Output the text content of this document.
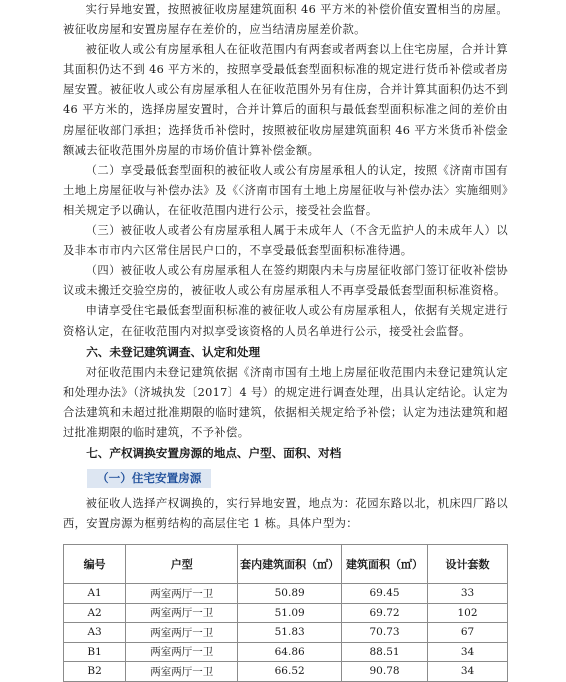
实行异地安置，按照被征收房屋建筑面积 46 平方米的补偿价值安置相当的房屋。被征收房屋和安置房屋存在差价的，应当结清房屋差价款。

被征收人或公有房屋承租人在征收范围内有两套或者两套以上住宅房屋，合并计算其面积仍达不到 46 平方米的，按照享受最低套型面积标准的规定进行货币补偿或者房屋安置。被征收人或公有房屋承租人在征收范围外另有住房，合并计算其面积仍达不到 46 平方米的，选择房屋安置时，合并计算后的面积与最低套型面积标准之间的差价由房屋征收部门承担；选择货币补偿时，按照被征收房屋建筑面积 46 平方米货币补偿金额减去征收范围外房屋的市场价值计算补偿金额。

（二）享受最低套型面积的被征收人或公有房屋承租人的认定，按照《济南市国有土地上房屋征收与补偿办法》及《〈济南市国有土地上房屋征收与补偿办法〉实施细则》相关规定予以确认，在征收范围内进行公示，接受社会监督。

（三）被征收人或者公有房屋承租人属于未成年人（不含无监护人的未成年人）以及非本市市内六区常住居民户口的，不享受最低套型面积标准待遇。

（四）被征收人或公有房屋承租人在签约期限内未与房屋征收部门签订征收补偿协议或未搬迁交验空房的，被征收人或公有房屋承租人不再享受最低套型面积标准资格。

申请享受住宅最低套型面积标准的被征收人或公有房屋承租人，依据有关规定进行资格认定，在征收范围内对拟享受该资格的人员名单进行公示，接受社会监督。

六、未登记建筑调查、认定和处理

对征收范围内未登记建筑依据《济南市国有土地上房屋征收范围内未登记建筑认定和处理办法》（济城执发〔2017〕4 号）的规定进行调查处理，出具认定结论。认定为合法建筑和未超过批准期限的临时建筑，依据相关规定给予补偿；认定为违法建筑和超过批准期限的临时建筑，不予补偿。

七、产权调换安置房源的地点、户型、面积、对档
（一）住宅安置房源

被征收人选择产权调换的，实行异地安置，地点为：花园东路以北，机床四厂路以西，安置房源为框剪结构的高层住宅 1 栋。具体户型为：

编号	户型	套内建筑面积（㎡）	建筑面积（㎡）	设计套数
A1	两室两厅一卫	50.89	69.45	33
A2	两室两厅一卫	51.09	69.72	102
A3	两室两厅一卫	51.83	70.73	67
B1	两室两厅一卫	64.86	88.51	34
B2	两室两厅一卫	66.52	90.78	34
